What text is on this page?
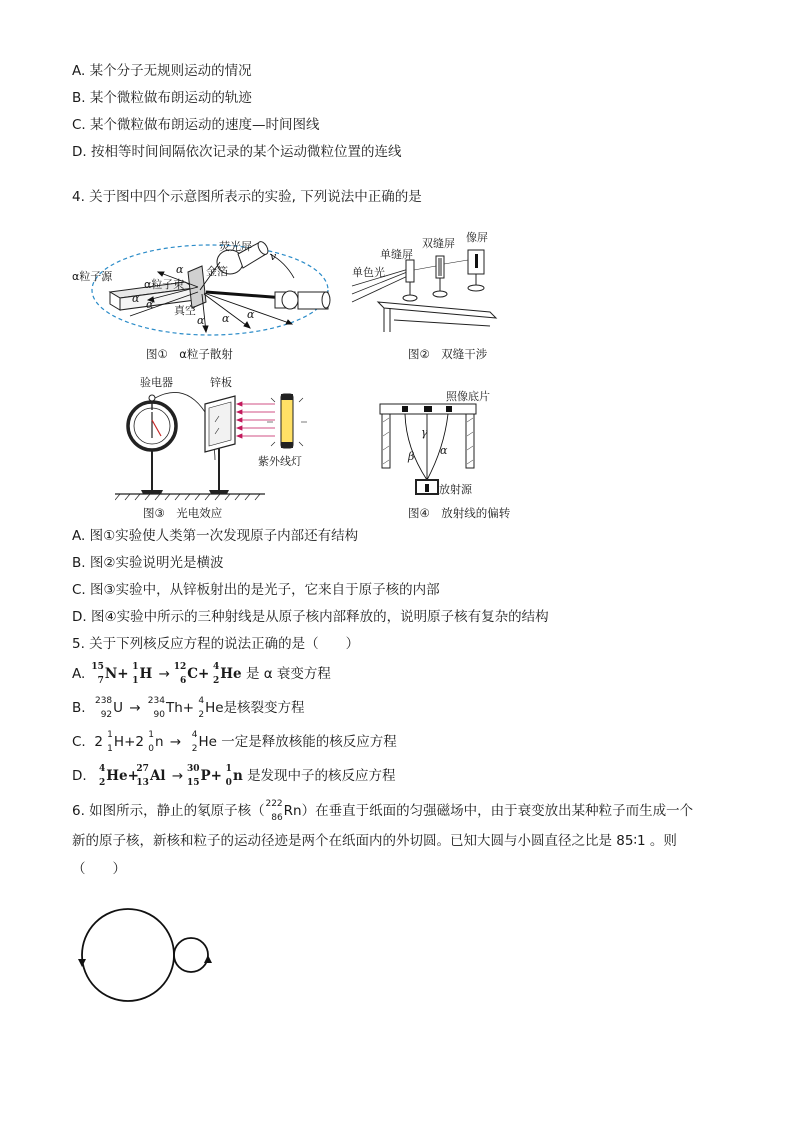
A. 某个分子无规则运动的情况
B. 某个微粒做布朗运动的轨迹
C. 某个微粒做布朗运动的速度—时间图线
D. 按相等时间间隔依次记录的某个运动微粒位置的连线
4. 关于图中四个示意图所表示的实验, 下列说法中正确的是
荧光屏
金箔
α粒子源
α粒子束
真空
α
α α
α α α
v
图①　α粒子散射
单缝屏
双缝屏 像屏
单色光
图②　双缝干涉
验电器	锌板
紫外线灯
图③　光电效应
照像底片
放射源
β
γ
α
图④　放射线的偏转
A. 图①实验使人类第一次发现原子内部还有结构
B. 图②实验说明光是横波
C. 图③实验中，从锌板射出的是光子，它来自于原子核的内部
D. 图④实验中所示的三种射线是从原子核内部释放的，说明原子核有复杂的结构
5. 关于下列核反应方程的说法正确的是（　　）
A. 15
7 N+ 1
1 H → 12
6 C+ 4
2 He 是 α 衰变方程
B. 238
92 U → 234
90 Th+ 4
2 He是核裂变方程
C. 2 1
1 H+2 1
0 n → 4
2 He 一定是释放核能的核反应方程
D. 4
2 He+
27
13 Al → 30
15 P+ 1
0 n 是发现中子的核反应方程
6. 如图所示，静止的氡原子核（ 222
86 Rn）在垂直于纸面的匀强磁场中，由于衰变放出某种粒子而生成一个
新的原子核，新核和粒子的运动径迹是两个在纸面内的外切圆。已知大圆与小圆直径之比是 85∶1 。则
（　　）
